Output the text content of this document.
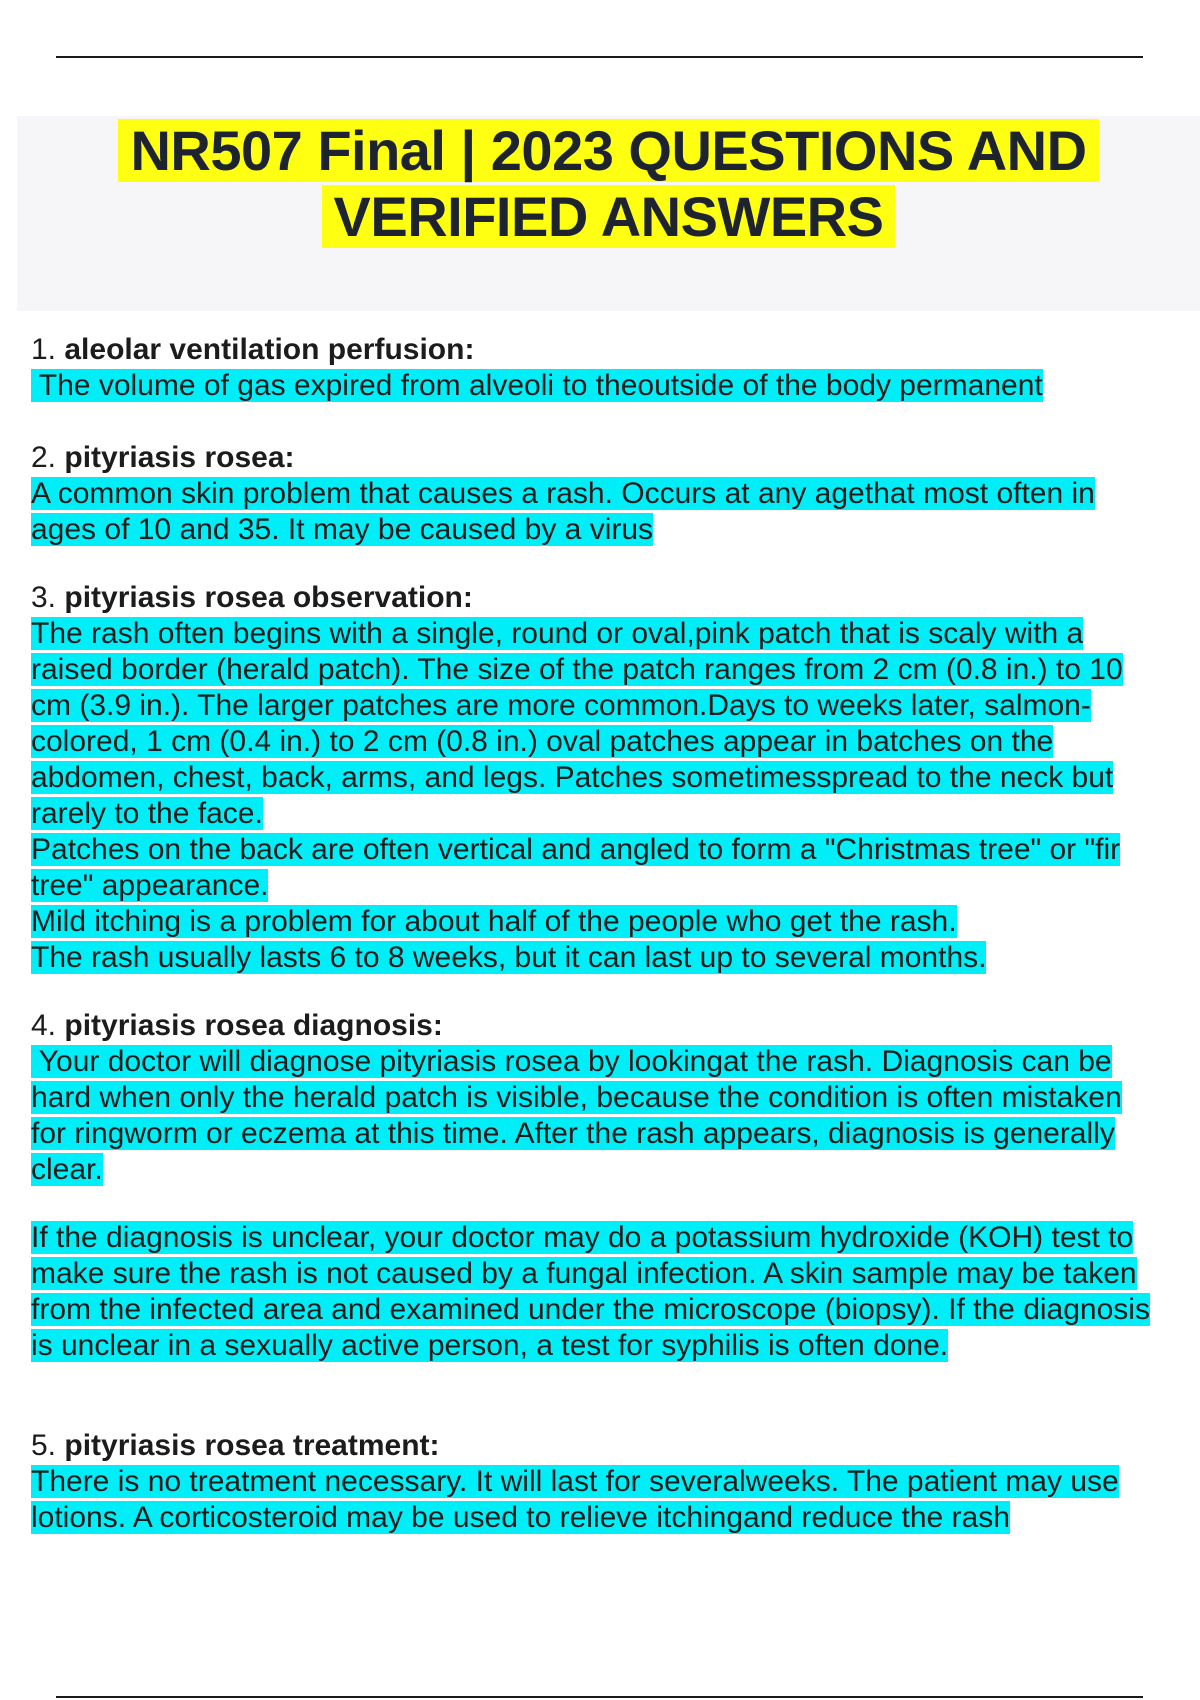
NR507 Final | 2023 QUESTIONS AND
VERIFIED ANSWERS

1. aleolar ventilation perfusion:

The volume of gas expired from alveoli to theoutside of the body permanent

2. pityriasis rosea:

A common skin problem that causes a rash. Occurs at any agethat most often in
ages of 10 and 35. It may be caused by a virus

3. pityriasis rosea observation:

The rash often begins with a single, round or oval,pink patch that is scaly with a
raised border (herald patch). The size of the patch ranges from 2 cm (0.8 in.) to 10
cm (3.9 in.). The larger patches are more common.Days to weeks later, salmon-
colored, 1 cm (0.4 in.) to 2 cm (0.8 in.) oval patches appear in batches on the
abdomen, chest, back, arms, and legs. Patches sometimesspread to the neck but
rarely to the face.
Patches on the back are often vertical and angled to form a "Christmas tree" or "fir
tree" appearance.
Mild itching is a problem for about half of the people who get the rash.
The rash usually lasts 6 to 8 weeks, but it can last up to several months.

4. pityriasis rosea diagnosis:

Your doctor will diagnose pityriasis rosea by lookingat the rash. Diagnosis can be
hard when only the herald patch is visible, because the condition is often mistaken
for ringworm or eczema at this time. After the rash appears, diagnosis is generally
clear.
If the diagnosis is unclear, your doctor may do a potassium hydroxide (KOH) test to
make sure the rash is not caused by a fungal infection. A skin sample may be taken
from the infected area and examined under the microscope (biopsy). If the diagnosis
is unclear in a sexually active person, a test for syphilis is often done.

5. pityriasis rosea treatment:

There is no treatment necessary. It will last for severalweeks. The patient may use
lotions. A corticosteroid may be used to relieve itchingand reduce the rash
